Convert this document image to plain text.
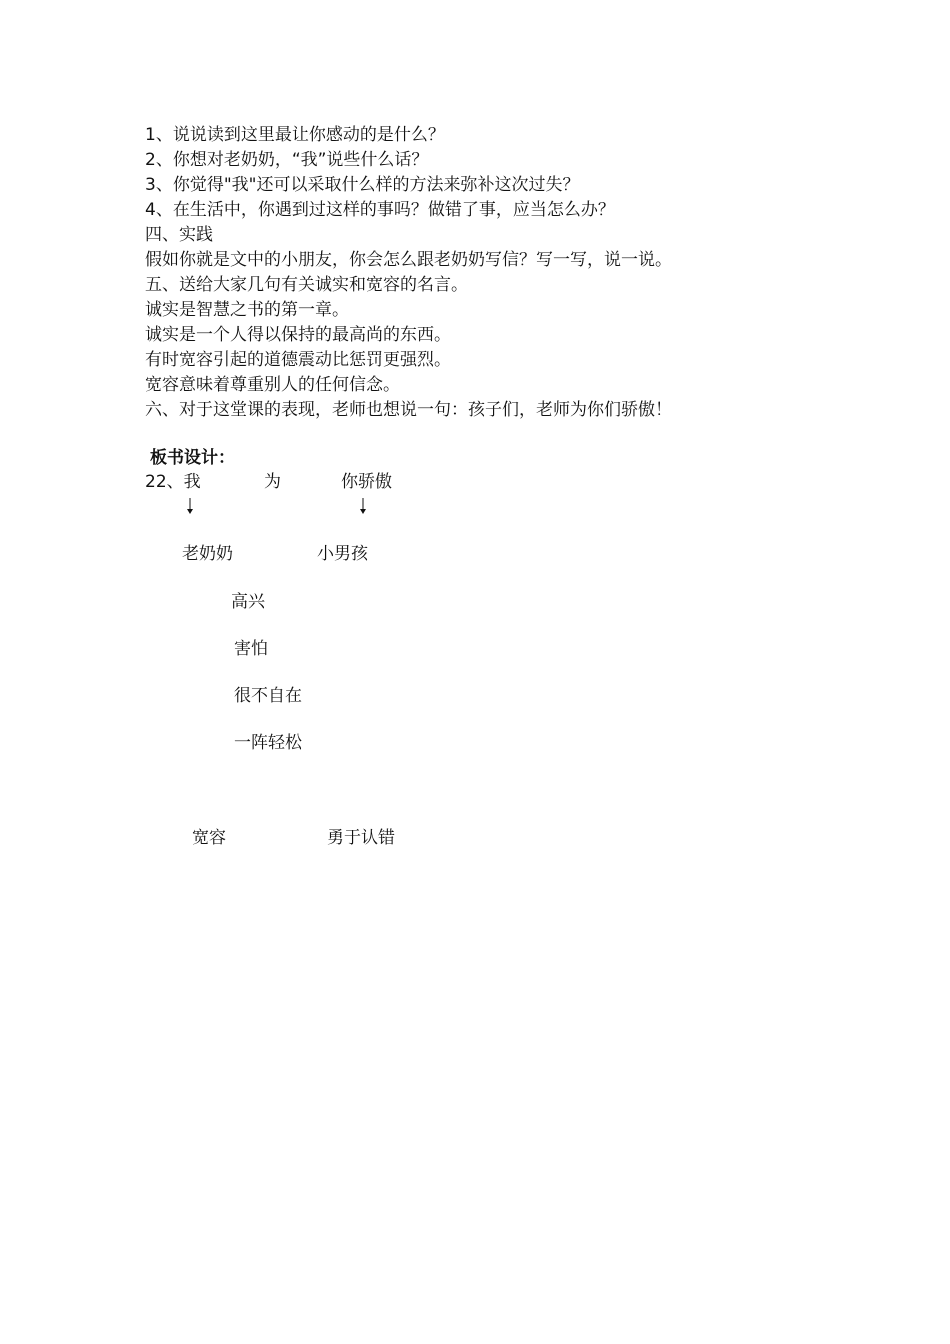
1、说说读到这里最让你感动的是什么？
2、你想对老奶奶，“我”说些什么话？
3、你觉得"我"还可以采取什么样的方法来弥补这次过失？
4、在生活中，你遇到过这样的事吗？做错了事，应当怎么办？
四、实践
假如你就是文中的小朋友，你会怎么跟老奶奶写信？写一写，说一说。
五、送给大家几句有关诚实和宽容的名言。
诚实是智慧之书的第一章。
诚实是一个人得以保持的最高尚的东西。
有时宽容引起的道德震动比惩罚更强烈。
宽容意味着尊重别人的任何信念。
六、对于这堂课的表现，老师也想说一句：孩子们，老师为你们骄傲！
板书设计：
22、我	为	你骄傲
老奶奶	小男孩
高兴
害怕
很不自在
一阵轻松
宽容	勇于认错
